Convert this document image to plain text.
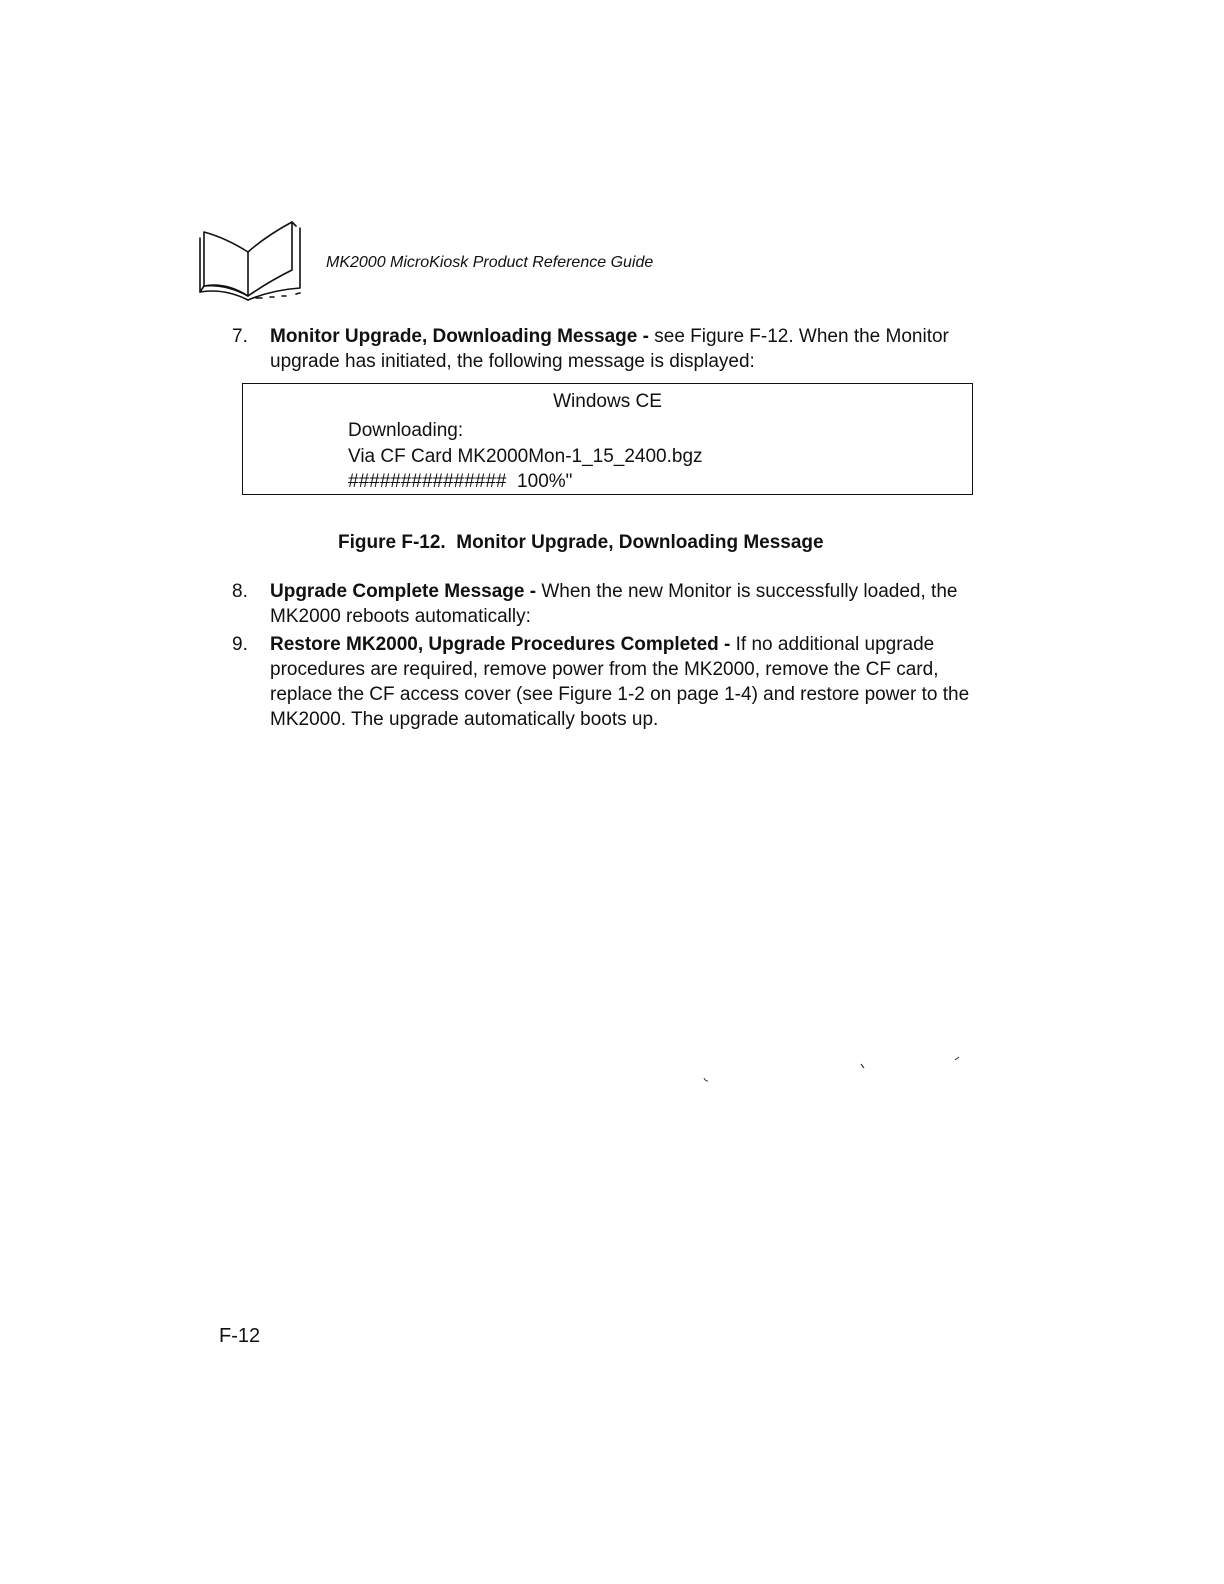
MK2000 MicroKiosk Product Reference Guide
7.	Monitor Upgrade, Downloading Message - see Figure F-12. When the Monitor upgrade has initiated, the following message is displayed:
Windows CE
Downloading:
Via CF Card MK2000Mon-1_15_2400.bgz
###############  100%"
Figure F-12.  Monitor Upgrade, Downloading Message
8.	Upgrade Complete Message - When the new Monitor is successfully loaded, the MK2000 reboots automatically:
9.	Restore MK2000, Upgrade Procedures Completed - If no additional upgrade procedures are required, remove power from the MK2000, remove the CF card, replace the CF access cover (see Figure 1-2 on page 1-4) and restore power to the MK2000. The upgrade automatically boots up.
F-12
